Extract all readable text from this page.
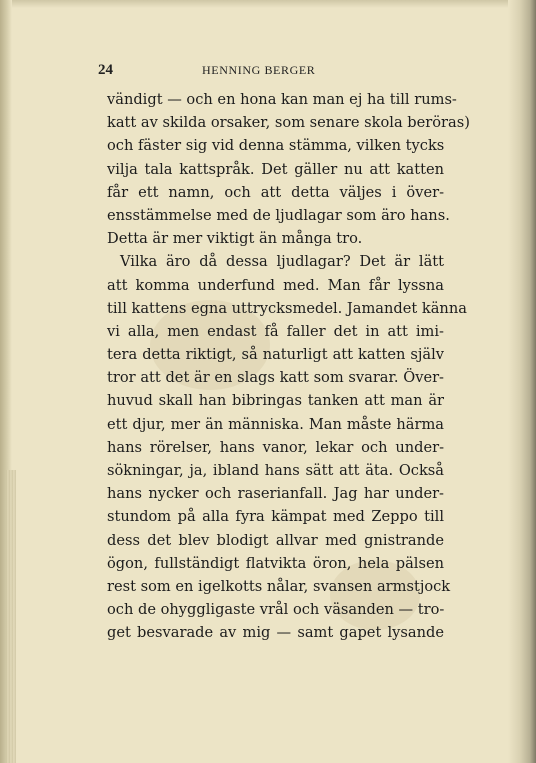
24	HENNING BERGER
vändigt — och en hona kan man ej ha till rums-
katt av skilda orsaker, som senare skola beröras)
och fäster sig vid denna stämma, vilken tycks
vilja tala kattspråk. Det gäller nu att katten
får ett namn, och att detta väljes i över-
ensstämmelse med de ljudlagar som äro hans.
Detta är mer viktigt än många tro.
Vilka äro då dessa ljudlagar? Det är lätt
att komma underfund med. Man får lyssna
till kattens egna uttrycksmedel. Jamandet känna
vi alla, men endast få faller det in att imi-
tera detta riktigt, så naturligt att katten själv
tror att det är en slags katt som svarar. Över-
huvud skall han bibringas tanken att man är
ett djur, mer än människa. Man måste härma
hans rörelser, hans vanor, lekar och under-
sökningar, ja, ibland hans sätt att äta. Också
hans nycker och raserianfall. Jag har under-
stundom på alla fyra kämpat med Zeppo till
dess det blev blodigt allvar med gnistrande
ögon, fullständigt flatvikta öron, hela pälsen
rest som en igelkotts nålar, svansen armstjock
och de ohyggligaste vrål och väsanden — tro-
get besvarade av mig — samt gapet lysande
